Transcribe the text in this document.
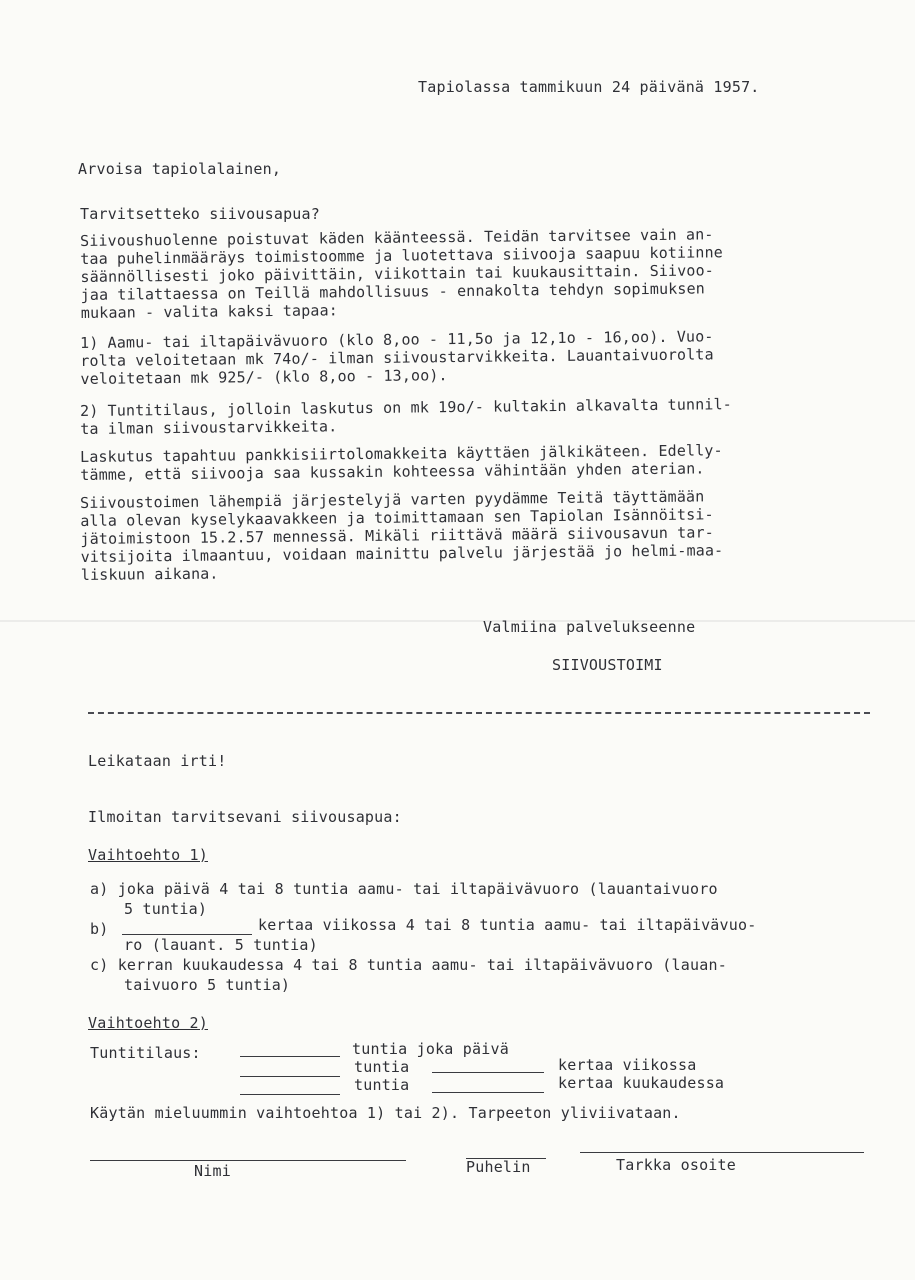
Tapiolassa tammikuun 24 päivänä 1957.
Arvoisa tapiolalainen,
Tarvitsetteko siivousapua?
Siivoushuolenne poistuvat käden käänteessä. Teidän tarvitsee vain an-
taa puhelinmääräys toimistoomme ja luotettava siivooja saapuu kotiinne
säännöllisesti joko päivittäin, viikottain tai kuukausittain. Siivoo-
jaa tilattaessa on Teillä mahdollisuus - ennakolta tehdyn sopimuksen
mukaan - valita kaksi tapaa:
1) Aamu- tai iltapäivävuoro (klo 8,oo - 11,5o ja 12,1o - 16,oo). Vuo-
rolta veloitetaan mk 74o/- ilman siivoustarvikkeita. Lauantaivuorolta
veloitetaan mk 925/- (klo 8,oo - 13,oo).
2) Tuntitilaus, jolloin laskutus on mk 19o/- kultakin alkavalta tunnil-
ta ilman siivoustarvikkeita.
Laskutus tapahtuu pankkisiirtolomakkeita käyttäen jälkikäteen. Edelly-
tämme, että siivooja saa kussakin kohteessa vähintään yhden aterian.
Siivoustoimen lähempiä järjestelyjä varten pyydämme Teitä täyttämään
alla olevan kyselykaavakkeen ja toimittamaan sen Tapiolan Isännöitsi-
jätoimistoon 15.2.57 mennessä. Mikäli riittävä määrä siivousavun tar-
vitsijoita ilmaantuu, voidaan mainittu palvelu järjestää jo helmi-maa-
liskuun aikana.
Valmiina palvelukseenne
SIIVOUSTOIMI
Leikataan irti!
Ilmoitan tarvitsevani siivousapua:
Vaihtoehto 1)
a) joka päivä 4 tai 8 tuntia aamu- tai iltapäivävuoro (lauantaivuoro
5 tuntia)
b)	kertaa viikossa 4 tai 8 tuntia aamu- tai iltapäivävuo-
ro (lauant. 5 tuntia)
c) kerran kuukaudessa 4 tai 8 tuntia aamu- tai iltapäivävuoro (lauan-
taivuoro 5 tuntia)
Vaihtoehto 2)
Tuntitilaus:	tuntia joka päivä
tuntia	kertaa viikossa
tuntia	kertaa kuukaudessa
Käytän mieluummin vaihtoehtoa 1) tai 2). Tarpeeton yliviivataan.
Nimi	Puhelin	Tarkka osoite
